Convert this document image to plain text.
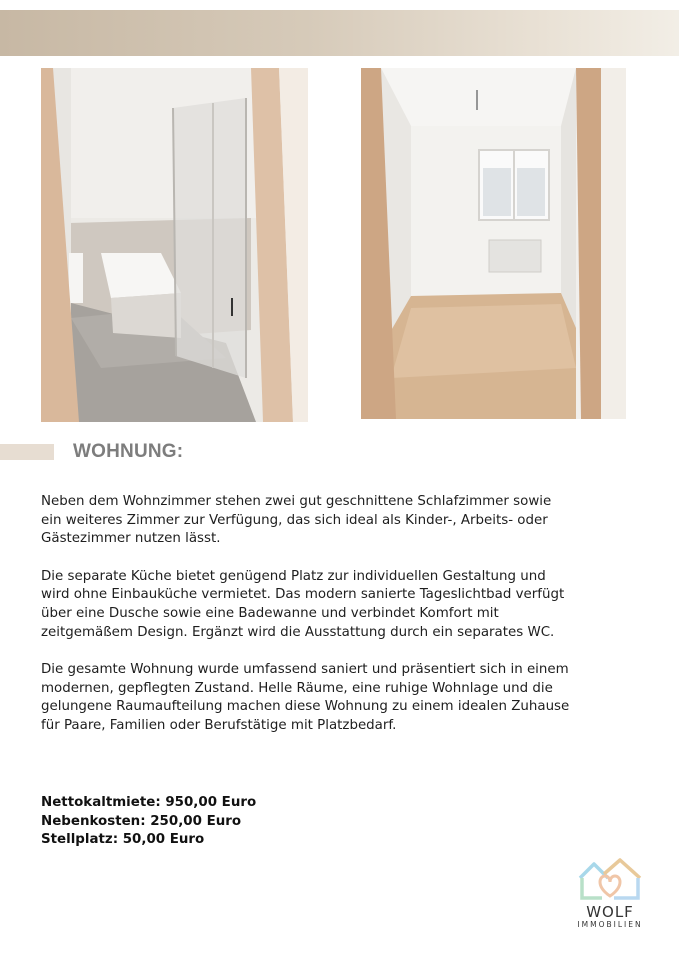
WOHNUNG:

Neben dem Wohnzimmer stehen zwei gut geschnittene Schlafzimmer sowie ein weiteres Zimmer zur Verfügung, das sich ideal als Kinder-, Arbeits- oder Gästezimmer nutzen lässt.

Die separate Küche bietet genügend Platz zur individuellen Gestaltung und wird ohne Einbauküche vermietet. Das modern sanierte Tageslichtbad verfügt über eine Dusche sowie eine Badewanne und verbindet Komfort mit zeitgemäßem Design. Ergänzt wird die Ausstattung durch ein separates WC.

Die gesamte Wohnung wurde umfassend saniert und präsentiert sich in einem modernen, gepflegten Zustand. Helle Räume, eine ruhige Wohnlage und die gelungene Raumaufteilung machen diese Wohnung zu einem idealen Zuhause für Paare, Familien oder Berufstätige mit Platzbedarf.

Nettokaltmiete: 950,00 Euro
Nebenkosten: 250,00 Euro
Stellplatz: 50,00 Euro
WOLF
IMMOBILIEN
